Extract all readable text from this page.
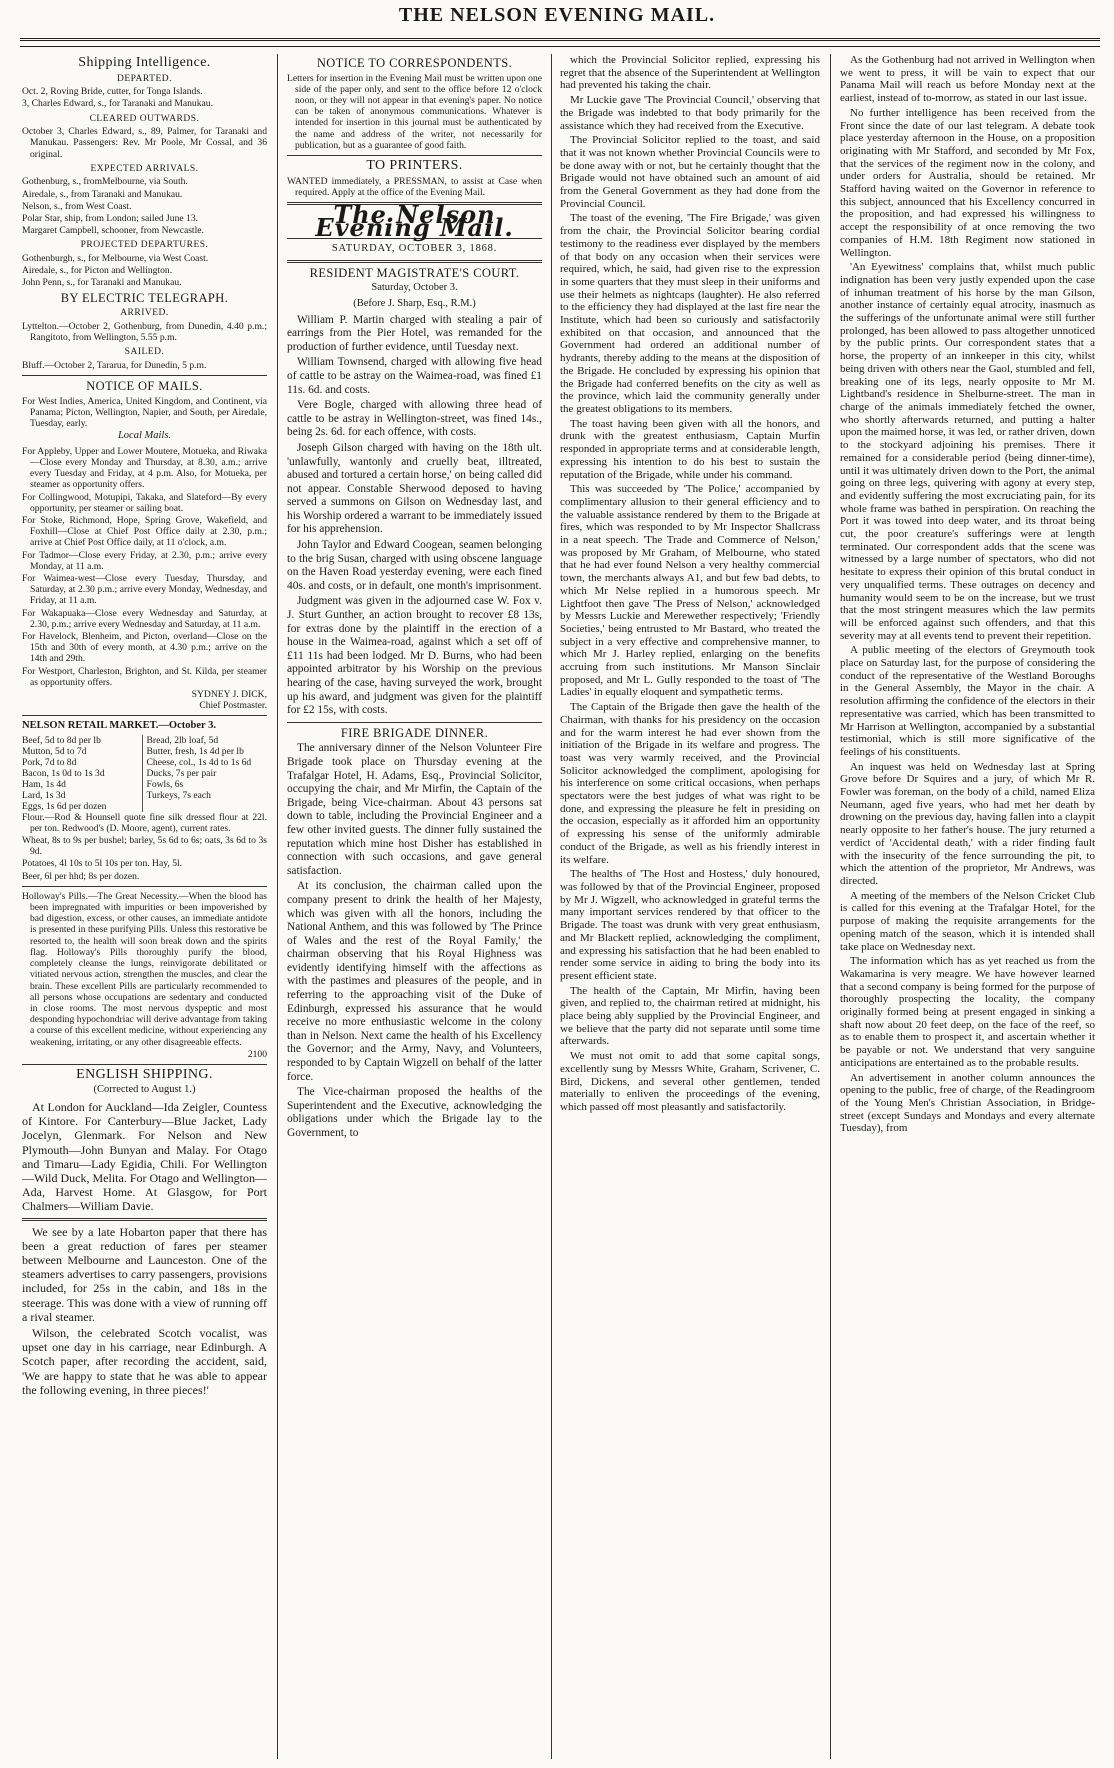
THE NELSON EVENING MAIL.
Shipping Intelligence.
DEPARTED.

Oct. 2, Roving Bride, cutter, for Tonga Islands.

3, Charles Edward, s., for Taranaki and Manukau.

CLEARED OUTWARDS.

October 3, Charles Edward, s., 89, Palmer, for Taranaki and Manukau. Passengers: Rev. Mr Poole, Mr Cossal, and 36 original.

EXPECTED ARRIVALS.

Gothenburg, s., fromMelbourne, via South.

Airedale, s., from Taranaki and Manukau.

Nelson, s., from West Coast.

Polar Star, ship, from London; sailed June 13.

Margaret Campbell, schooner, from Newcastle.

PROJECTED DEPARTURES.

Gothenburgh, s., for Melbourne, via West Coast.

Airedale, s., for Picton and Wellington.

John Penn, s., for Taranaki and Manukau.

BY ELECTRIC TELEGRAPH.
ARRIVED.

Lyttelton.—October 2, Gothenburg, from Dunedin, 4.40 p.m.; Rangitoto, from Wellington, 5.55 p.m.

SAILED.

Bluff.—October 2, Tararua, for Dunedin, 5 p.m.

NOTICE OF MAILS.

For West Indies, America, United Kingdom, and Continent, via Panama; Picton, Wellington, Napier, and South, per Airedale, Tuesday, early.

Local Mails.

For Appleby, Upper and Lower Moutere, Motueka, and Riwaka—Close every Monday and Thursday, at 8.30, a.m.; arrive every Tuesday and Friday, at 4 p.m. Also, for Motueka, per steamer as opportunity offers.

For Collingwood, Motupipi, Takaka, and Slateford—By every opportunity, per steamer or sailing boat.

For Stoke, Richmond, Hope, Spring Grove, Wakefield, and Foxhill—Close at Chief Post Office daily at 2.30, p.m.; arrive at Chief Post Office daily, at 11 o'clock, a.m.

For Tadmor—Close every Friday, at 2.30, p.m.; arrive every Monday, at 11 a.m.

For Waimea-west—Close every Tuesday, Thursday, and Saturday, at 2.30 p.m.; arrive every Monday, Wednesday, and Friday, at 11 a.m.

For Wakapuaka—Close every Wednesday and Saturday, at 2.30, p.m.; arrive every Wednesday and Saturday, at 11 a.m.

For Havelock, Blenheim, and Picton, overland—Close on the 15th and 30th of every month, at 4.30 p.m.; arrive on the 14th and 29th.

For Westport, Charleston, Brighton, and St. Kilda, per steamer as opportunity offers.

SYDNEY J. DICK,
Chief Postmaster.
NELSON RETAIL MARKET.—October 3.
Beef, 5d to 8d per lb
Mutton, 5d to 7d
Pork, 7d to 8d
Bacon, 1s 0d to 1s 3d
Ham, 1s 4d
Lard, 1s 3d
Eggs, 1s 6d per dozen
Bread, 2lb loaf, 5d
Butter, fresh, 1s 4d per lb
Cheese, col., 1s 4d to 1s 6d
Ducks, 7s per pair
Fowls, 6s
Turkeys, 7s each

Flour.—Rod & Hounsell quote fine silk dressed flour at 22l. per ton. Redwood's (D. Moore, agent), current rates.

Wheat, 8s to 9s per bushel; barley, 5s 6d to 6s; oats, 3s 6d to 3s 9d.

Potatoes, 4l 10s to 5l 10s per ton. Hay, 5l.

Beer, 6l per hhd; 8s per dozen.

Holloway's Pills.—The Great Necessity.—When the blood has been impregnated with impurities or been impoverished by bad digestion, excess, or other causes, an immediate antidote is presented in these purifying Pills. Unless this restorative be resorted to, the health will soon break down and the spirits flag. Holloway's Pills thoroughly purify the blood, completely cleanse the lungs, reinvigorate debilitated or vitiated nervous action, strengthen the muscles, and clear the brain. These excellent Pills are particularly recommended to all persons whose occupations are sedentary and conducted in close rooms. The most nervous dyspeptic and most desponding hypochondriac will derive advantage from taking a course of this excellent medicine, without experiencing any weakening, irritating, or any other disagreeable effects.

2100
ENGLISH SHIPPING.
(Corrected to August 1.)

At London for Auckland—Ida Zeigler, Countess of Kintore. For Canterbury—Blue Jacket, Lady Jocelyn, Glenmark. For Nelson and New Plymouth—John Bunyan and Malay. For Otago and Timaru—Lady Egidia, Chili. For Wellington—Wild Duck, Melita. For Otago and Wellington—Ada, Harvest Home. At Glasgow, for Port Chalmers—William Davie.

We see by a late Hobarton paper that there has been a great reduction of fares per steamer between Melbourne and Launceston. One of the steamers advertises to carry passengers, provisions included, for 25s in the cabin, and 18s in the steerage. This was done with a view of running off a rival steamer.

Wilson, the celebrated Scotch vocalist, was upset one day in his carriage, near Edinburgh. A Scotch paper, after recording the accident, said, 'We are happy to state that he was able to appear the following evening, in three pieces!'

NOTICE TO CORRESPONDENTS.

Letters for insertion in the Evening Mail must be written upon one side of the paper only, and sent to the office before 12 o'clock noon, or they will not appear in that evening's paper. No notice can be taken of anonymous communications. Whatever is intended for insertion in this journal must be authenticated by the name and address of the writer, not necessarily for publication, but as a guarantee of good faith.

TO PRINTERS.

WANTED immediately, a PRESSMAN, to assist at Case when required. Apply at the office of the Evening Mail.

The Nelson Evening Mail.
SATURDAY, OCTOBER 3, 1868.
RESIDENT MAGISTRATE'S COURT.
Saturday, October 3.
(Before J. Sharp, Esq., R.M.)

William P. Martin charged with stealing a pair of earrings from the Pier Hotel, was remanded for the production of further evidence, until Tuesday next.

William Townsend, charged with allowing five head of cattle to be astray on the Waimea-road, was fined £1 11s. 6d. and costs.

Vere Bogle, charged with allowing three head of cattle to be astray in Wellington-street, was fined 14s., being 2s. 6d. for each offence, with costs.

Joseph Gilson charged with having on the 18th ult. 'unlawfully, wantonly and cruelly beat, illtreated, abused and tortured a certain horse,' on being called did not appear. Constable Sherwood deposed to having served a summons on Gilson on Wednesday last, and his Worship ordered a warrant to be immediately issued for his apprehension.

John Taylor and Edward Coogean, seamen belonging to the brig Susan, charged with using obscene language on the Haven Road yesterday evening, were each fined 40s. and costs, or in default, one month's imprisonment.

Judgment was given in the adjourned case W. Fox v. J. Sturt Gunther, an action brought to recover £8 13s, for extras done by the plaintiff in the erection of a house in the Waimea-road, against which a set off of £11 11s had been lodged. Mr D. Burns, who had been appointed arbitrator by his Worship on the previous hearing of the case, having surveyed the work, brought up his award, and judgment was given for the plaintiff for £2 15s, with costs.

FIRE BRIGADE DINNER.

The anniversary dinner of the Nelson Volunteer Fire Brigade took place on Thursday evening at the Trafalgar Hotel, H. Adams, Esq., Provincial Solicitor, occupying the chair, and Mr Mirfin, the Captain of the Brigade, being Vice-chairman. About 43 persons sat down to table, including the Provincial Engineer and a few other invited guests. The dinner fully sustained the reputation which mine host Disher has established in connection with such occasions, and gave general satisfaction.

At its conclusion, the chairman called upon the company present to drink the health of her Majesty, which was given with all the honors, including the National Anthem, and this was followed by 'The Prince of Wales and the rest of the Royal Family,' the chairman observing that his Royal Highness was evidently identifying himself with the affections as with the pastimes and pleasures of the people, and in referring to the approaching visit of the Duke of Edinburgh, expressed his assurance that he would receive no more enthusiastic welcome in the colony than in Nelson. Next came the health of his Excellency the Governor; and the Army, Navy, and Volunteers, responded to by Captain Wigzell on behalf of the latter force.

The Vice-chairman proposed the healths of the Superintendent and the Executive, acknowledging the obligations under which the Brigade lay to the Government, to

which the Provincial Solicitor replied, expressing his regret that the absence of the Superintendent at Wellington had prevented his taking the chair.

Mr Luckie gave 'The Provincial Council,' observing that the Brigade was indebted to that body primarily for the assistance which they had received from the Executive.

The Provincial Solicitor replied to the toast, and said that it was not known whether Provincial Councils were to be done away with or not, but he certainly thought that the Brigade would not have obtained such an amount of aid from the General Government as they had done from the Provincial Council.

The toast of the evening, 'The Fire Brigade,' was given from the chair, the Provincial Solicitor bearing cordial testimony to the readiness ever displayed by the members of that body on any occasion when their services were required, which, he said, had given rise to the expression in some quarters that they must sleep in their uniforms and use their helmets as nightcaps (laughter). He also referred to the efficiency they had displayed at the last fire near the Institute, which had been so curiously and satisfactorily exhibited on that occasion, and announced that the Government had ordered an additional number of hydrants, thereby adding to the means at the disposition of the Brigade. He concluded by expressing his opinion that the Brigade had conferred benefits on the city as well as the province, which laid the community generally under the greatest obligations to its members.

The toast having been given with all the honors, and drunk with the greatest enthusiasm, Captain Murfin responded in appropriate terms and at considerable length, expressing his intention to do his best to sustain the reputation of the Brigade, while under his command.

This was succeeded by 'The Police,' accompanied by complimentary allusion to their general efficiency and to the valuable assistance rendered by them to the Brigade at fires, which was responded to by Mr Inspector Shallcrass in a neat speech. 'The Trade and Commerce of Nelson,' was proposed by Mr Graham, of Melbourne, who stated that he had ever found Nelson a very healthy commercial town, the merchants always A1, and but few bad debts, to which Mr Nelse replied in a humorous speech. Mr Lightfoot then gave 'The Press of Nelson,' acknowledged by Messrs Luckie and Merewether respectively; 'Friendly Societies,' being entrusted to Mr Bastard, who treated the subject in a very effective and comprehensive manner, to which Mr J. Harley replied, enlarging on the benefits accruing from such institutions. Mr Manson Sinclair proposed, and Mr L. Gully responded to the toast of 'The Ladies' in equally eloquent and sympathetic terms.

The Captain of the Brigade then gave the health of the Chairman, with thanks for his presidency on the occasion and for the warm interest he had ever shown from the initiation of the Brigade in its welfare and progress. The toast was very warmly received, and the Provincial Solicitor acknowledged the compliment, apologising for his interference on some critical occasions, when perhaps spectators were the best judges of what was right to be done, and expressing the pleasure he felt in presiding on the occasion, especially as it afforded him an opportunity of expressing his sense of the uniformly admirable conduct of the Brigade, as well as his friendly interest in its welfare.

The healths of 'The Host and Hostess,' duly honoured, was followed by that of the Provincial Engineer, proposed by Mr J. Wigzell, who acknowledged in grateful terms the many important services rendered by that officer to the Brigade. The toast was drunk with very great enthusiasm, and Mr Blackett replied, acknowledging the compliment, and expressing his satisfaction that he had been enabled to render some service in aiding to bring the body into its present efficient state.

The health of the Captain, Mr Mirfin, having been given, and replied to, the chairman retired at midnight, his place being ably supplied by the Provincial Engineer, and we believe that the party did not separate until some time afterwards.

We must not omit to add that some capital songs, excellently sung by Messrs White, Graham, Scrivener, C. Bird, Dickens, and several other gentlemen, tended materially to enliven the proceedings of the evening, which passed off most pleasantly and satisfactorily.

As the Gothenburg had not arrived in Wellington when we went to press, it will be vain to expect that our Panama Mail will reach us before Monday next at the earliest, instead of to-morrow, as stated in our last issue.

No further intelligence has been received from the Front since the date of our last telegram. A debate took place yesterday afternoon in the House, on a proposition originating with Mr Stafford, and seconded by Mr Fox, that the services of the regiment now in the colony, and under orders for Australia, should be retained. Mr Stafford having waited on the Governor in reference to this subject, announced that his Excellency concurred in the proposition, and had expressed his willingness to accept the responsibility of at once removing the two companies of H.M. 18th Regiment now stationed in Wellington.

'An Eyewitness' complains that, whilst much public indignation has been very justly expended upon the case of inhuman treatment of his horse by the man Gilson, another instance of certainly equal atrocity, inasmuch as the sufferings of the unfortunate animal were still further prolonged, has been allowed to pass altogether unnoticed by the public prints. Our correspondent states that a horse, the property of an innkeeper in this city, whilst being driven with others near the Gaol, stumbled and fell, breaking one of its legs, nearly opposite to Mr M. Lightband's residence in Shelburne-street. The man in charge of the animals immediately fetched the owner, who shortly afterwards returned, and putting a halter upon the maimed horse, it was led, or rather driven, down to the stockyard adjoining his premises. There it remained for a considerable period (being dinner-time), until it was ultimately driven down to the Port, the animal going on three legs, quivering with agony at every step, and evidently suffering the most excruciating pain, for its whole frame was bathed in perspiration. On reaching the Port it was towed into deep water, and its throat being cut, the poor creature's sufferings were at length terminated. Our correspondent adds that the scene was witnessed by a large number of spectators, who did not hesitate to express their opinion of this brutal conduct in very unqualified terms. These outrages on decency and humanity would seem to be on the increase, but we trust that the most stringent measures which the law permits will be enforced against such offenders, and that this severity may at all events tend to prevent their repetition.

A public meeting of the electors of Greymouth took place on Saturday last, for the purpose of considering the conduct of the representative of the Westland Boroughs in the General Assembly, the Mayor in the chair. A resolution affirming the confidence of the electors in their representative was carried, which has been transmitted to Mr Harrison at Wellington, accompanied by a substantial testimonial, which is still more significative of the feelings of his constituents.

An inquest was held on Wednesday last at Spring Grove before Dr Squires and a jury, of which Mr R. Fowler was foreman, on the body of a child, named Eliza Neumann, aged five years, who had met her death by drowning on the previous day, having fallen into a claypit nearly opposite to her father's house. The jury returned a verdict of 'Accidental death,' with a rider finding fault with the insecurity of the fence surrounding the pit, to which the attention of the proprietor, Mr Andrews, was directed.

A meeting of the members of the Nelson Cricket Club is called for this evening at the Trafalgar Hotel, for the purpose of making the requisite arrangements for the opening match of the season, which it is intended shall take place on Wednesday next.

The information which has as yet reached us from the Wakamarina is very meagre. We have however learned that a second company is being formed for the purpose of thoroughly prospecting the locality, the company originally formed being at present engaged in sinking a shaft now about 20 feet deep, on the face of the reef, so as to enable them to prospect it, and ascertain whether it be payable or not. We understand that very sanguine anticipations are entertained as to the probable results.

An advertisement in another column announces the opening to the public, free of charge, of the Readingroom of the Young Men's Christian Association, in Bridge-street (except Sundays and Mondays and every alternate Tuesday), from
